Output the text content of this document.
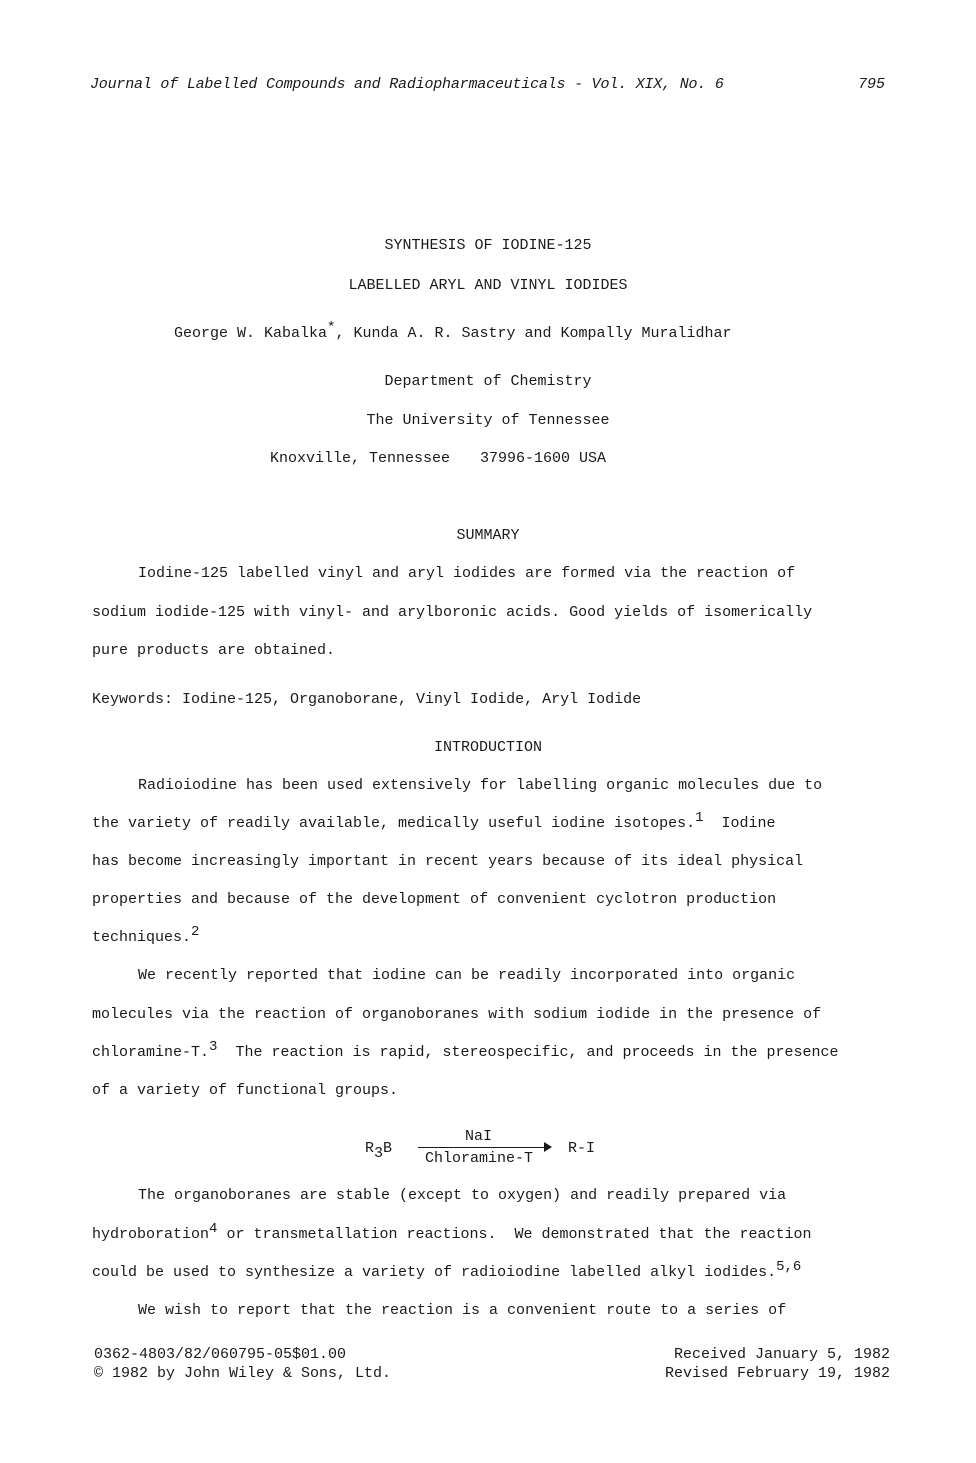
Journal of Labelled Compounds and Radiopharmaceuticals - Vol. XIX, No. 6	795
SYNTHESIS OF IODINE-125
LABELLED ARYL AND VINYL IODIDES
George W. Kabalka*, Kunda A. R. Sastry and Kompally Muralidhar
Department of Chemistry
The University of Tennessee
Knoxville, Tennessee 37996-1600 USA
SUMMARY
Iodine-125 labelled vinyl and aryl iodides are formed via the reaction of
sodium iodide-125 with vinyl- and arylboronic acids. Good yields of isomerically
pure products are obtained.
Keywords: Iodine-125, Organoborane, Vinyl Iodide, Aryl Iodide
INTRODUCTION
Radioiodine has been used extensively for labelling organic molecules due to
the variety of readily available, medically useful iodine isotopes.$^1$  Iodine
has become increasingly important in recent years because of its ideal physical
properties and because of the development of convenient cyclotron production
techniques.$^2$
We recently reported that iodine can be readily incorporated into organic
molecules via the reaction of organoboranes with sodium iodide in the presence of
chloramine-T.$^3$  The reaction is rapid, stereospecific, and proceeds in the presence
of a variety of functional groups.
$R_3B$
NaI
Chloramine-T
R-I
The organoboranes are stable (except to oxygen) and readily prepared via
hydroboration$^4$ or transmetallation reactions.  We demonstrated that the reaction
could be used to synthesize a variety of radioiodine labelled alkyl iodides.$^{5,6}$
We wish to report that the reaction is a convenient route to a series of
0362-4803/82/060795-05$01.00
© 1982 by John Wiley & Sons, Ltd.
Received January 5, 1982
Revised February 19, 1982
